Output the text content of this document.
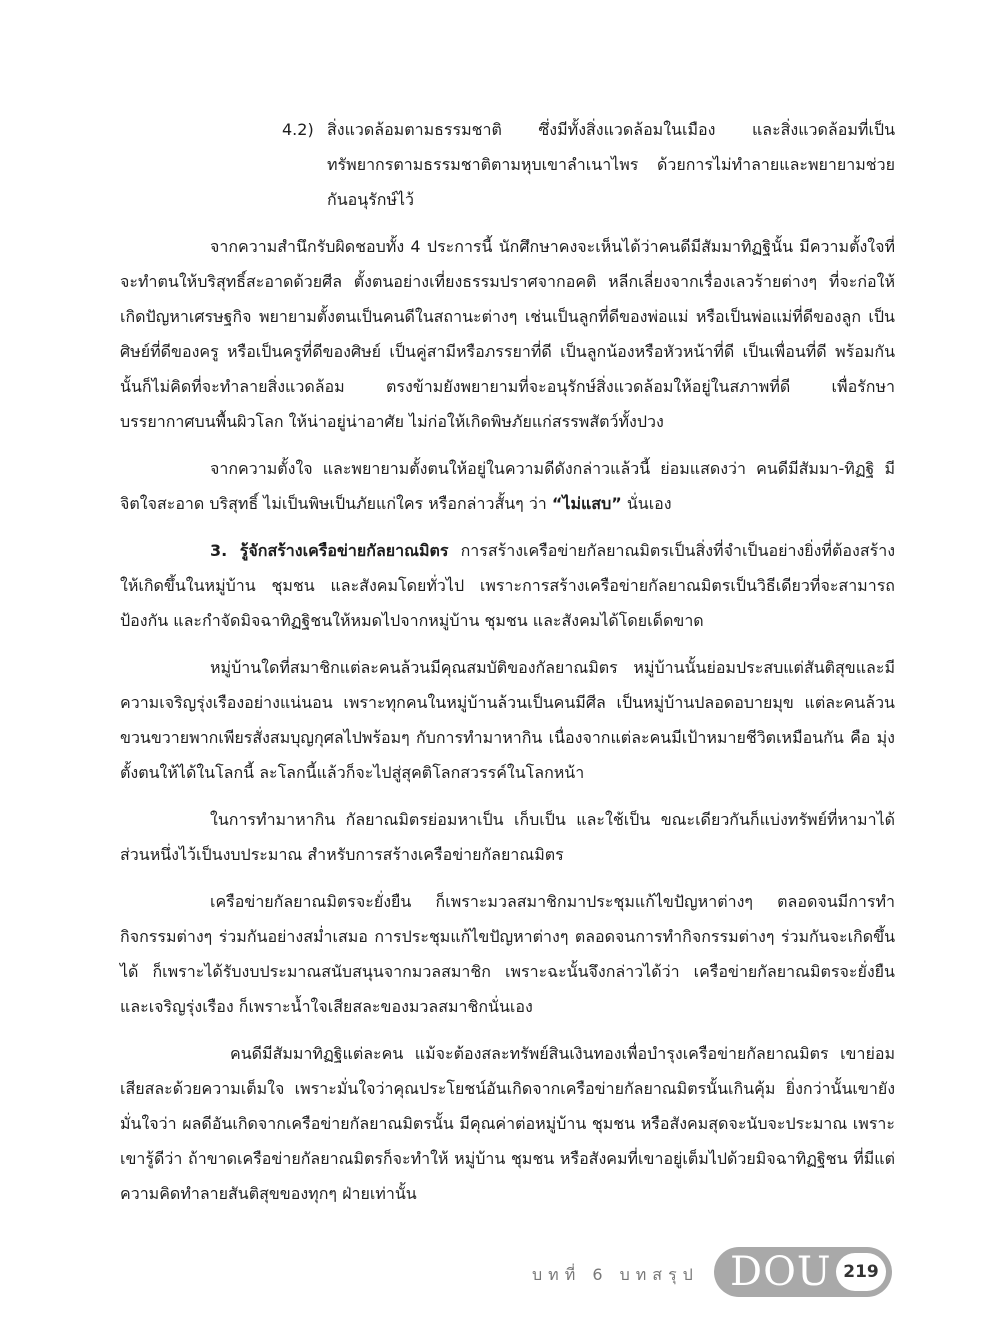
4.2) สิ่งแวดล้อมตามธรรมชาติ ซึ่งมีทั้งสิ่งแวดล้อมในเมือง และสิ่งแวดล้อมที่เป็นทรัพยากรตามธรรมชาติตามหุบเขาลำเนาไพร ด้วยการไม่ทำลายและพยายามช่วยกันอนุรักษ์ไว้

จากความสำนึกรับผิดชอบทั้ง 4 ประการนี้ นักศึกษาคงจะเห็นได้ว่าคนดีมีสัมมาทิฏฐินั้น มีความตั้งใจที่จะทำตนให้บริสุทธิ์สะอาดด้วยศีล ตั้งตนอย่างเที่ยงธรรมปราศจากอคติ หลีกเลี่ยงจากเรื่องเลวร้ายต่างๆ ที่จะก่อให้เกิดปัญหาเศรษฐกิจ พยายามตั้งตนเป็นคนดีในสถานะต่างๆ เช่นเป็นลูกที่ดีของพ่อแม่ หรือเป็นพ่อแม่ที่ดีของลูก เป็นศิษย์ที่ดีของครู หรือเป็นครูที่ดีของศิษย์ เป็นคู่สามีหรือภรรยาที่ดี เป็นลูกน้องหรือหัวหน้าที่ดี เป็นเพื่อนที่ดี พร้อมกันนั้นก็ไม่คิดที่จะทำลายสิ่งแวดล้อม ตรงข้ามยังพยายามที่จะอนุรักษ์สิ่งแวดล้อมให้อยู่ในสภาพที่ดี เพื่อรักษาบรรยากาศบนพื้นผิวโลก ให้น่าอยู่น่าอาศัย ไม่ก่อให้เกิดพิษภัยแก่สรรพสัตว์ทั้งปวง

จากความตั้งใจ และพยายามตั้งตนให้อยู่ในความดีดังกล่าวแล้วนี้ ย่อมแสดงว่า คนดีมีสัมมา-ทิฏฐิ มีจิตใจสะอาด บริสุทธิ์ ไม่เป็นพิษเป็นภัยแก่ใคร หรือกล่าวสั้นๆ ว่า “ไม่แสบ” นั่นเอง

3. รู้จักสร้างเครือข่ายกัลยาณมิตร การสร้างเครือข่ายกัลยาณมิตรเป็นสิ่งที่จำเป็นอย่างยิ่งที่ต้องสร้างให้เกิดขึ้นในหมู่บ้าน ชุมชน และสังคมโดยทั่วไป เพราะการสร้างเครือข่ายกัลยาณมิตรเป็นวิธีเดียวที่จะสามารถป้องกัน และกำจัดมิจฉาทิฏฐิชนให้หมดไปจากหมู่บ้าน ชุมชน และสังคมได้โดยเด็ดขาด

หมู่บ้านใดที่สมาชิกแต่ละคนล้วนมีคุณสมบัติของกัลยาณมิตร หมู่บ้านนั้นย่อมประสบแต่สันติสุขและมีความเจริญรุ่งเรืองอย่างแน่นอน เพราะทุกคนในหมู่บ้านล้วนเป็นคนมีศีล เป็นหมู่บ้านปลอดอบายมุข แต่ละคนล้วนขวนขวายพากเพียรสั่งสมบุญกุศลไปพร้อมๆ กับการทำมาหากิน เนื่องจากแต่ละคนมีเป้าหมายชีวิตเหมือนกัน คือ มุ่งตั้งตนให้ได้ในโลกนี้ ละโลกนี้แล้วก็จะไปสู่สุคติโลกสวรรค์ในโลกหน้า

ในการทำมาหากิน กัลยาณมิตรย่อมหาเป็น เก็บเป็น และใช้เป็น ขณะเดียวกันก็แบ่งทรัพย์ที่หามาได้ส่วนหนึ่งไว้เป็นงบประมาณ สำหรับการสร้างเครือข่ายกัลยาณมิตร

เครือข่ายกัลยาณมิตรจะยั่งยืน ก็เพราะมวลสมาชิกมาประชุมแก้ไขปัญหาต่างๆ ตลอดจนมีการทำกิจกรรมต่างๆ ร่วมกันอย่างสม่ำเสมอ การประชุมแก้ไขปัญหาต่างๆ ตลอดจนการทำกิจกรรมต่างๆ ร่วมกันจะเกิดขึ้นได้ ก็เพราะได้รับงบประมาณสนับสนุนจากมวลสมาชิก เพราะฉะนั้นจึงกล่าวได้ว่า เครือข่ายกัลยาณมิตรจะยั่งยืนและเจริญรุ่งเรือง ก็เพราะน้ำใจเสียสละของมวลสมาชิกนั่นเอง

คนดีมีสัมมาทิฏฐิแต่ละคน แม้จะต้องสละทรัพย์สินเงินทองเพื่อบำรุงเครือข่ายกัลยาณมิตร เขาย่อมเสียสละด้วยความเต็มใจ เพราะมั่นใจว่าคุณประโยชน์อันเกิดจากเครือข่ายกัลยาณมิตรนั้นเกินคุ้ม ยิ่งกว่านั้นเขายังมั่นใจว่า ผลดีอันเกิดจากเครือข่ายกัลยาณมิตรนั้น มีคุณค่าต่อหมู่บ้าน ชุมชน หรือสังคมสุดจะนับจะประมาณ เพราะเขารู้ดีว่า ถ้าขาดเครือข่ายกัลยาณมิตรก็จะทำให้ หมู่บ้าน ชุมชน หรือสังคมที่เขาอยู่เต็มไปด้วยมิจฉาทิฏฐิชน ที่มีแต่ความคิดทำลายสันติสุขของทุกๆ ฝ่ายเท่านั้น

บทที่ 6 บทสรุป DOU 219
